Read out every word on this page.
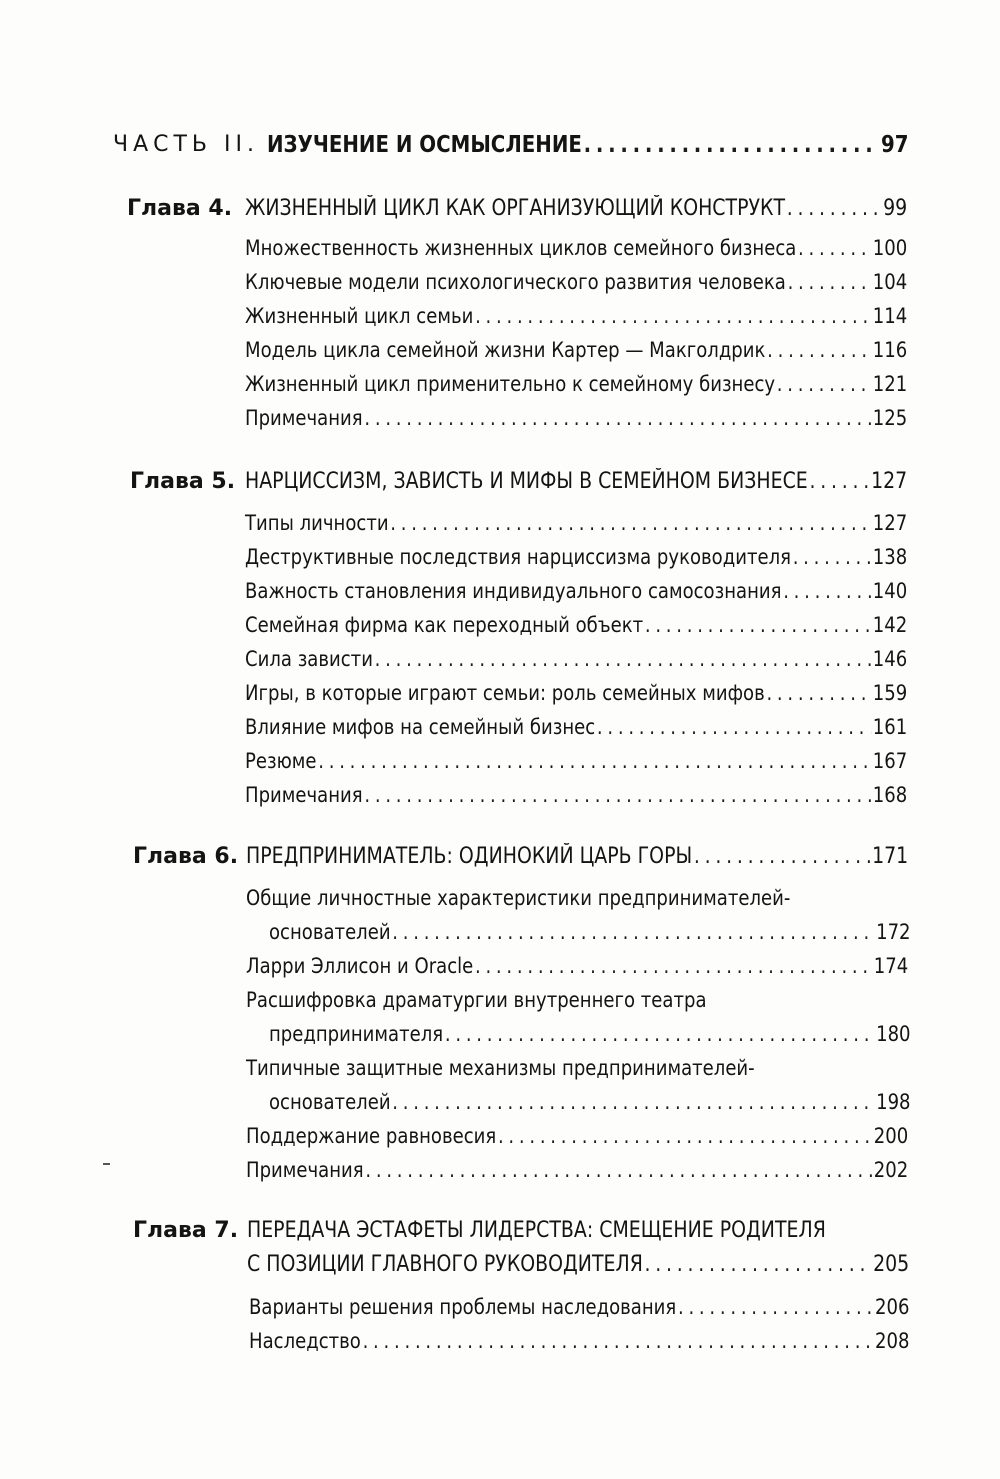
ЧАСТЬ II. ИЗУЧЕНИЕ И ОСМЫСЛЕНИЕ .....	97
Глава 4. ЖИЗНЕННЫЙ ЦИКЛ КАК ОРГАНИЗУЮЩИЙ КОНСТРУКТ .....	99
Множественность жизненных циклов семейного бизнеса .....	100
Ключевые модели психологического развития человека .....	104
Жизненный цикл семьи .....	114
Модель цикла семейной жизни Картер — Макголдрик .....	116
Жизненный цикл применительно к семейному бизнесу .....	121
Примечания .....	125
Глава 5. НАРЦИССИЗМ, ЗАВИСТЬ И МИФЫ В СЕМЕЙНОМ БИЗНЕСЕ .....	127
Типы личности .....	127
Деструктивные последствия нарциссизма руководителя .....	138
Важность становления индивидуального самосознания .....	140
Семейная фирма как переходный объект .....	142
Сила зависти .....	146
Игры, в которые играют семьи: роль семейных мифов .....	159
Влияние мифов на семейный бизнес .....	161
Резюме .....	167
Примечания .....	168
Глава 6. ПРЕДПРИНИМАТЕЛЬ: ОДИНОКИЙ ЦАРЬ ГОРЫ .....	171
Общие личностные характеристики предпринимателей-
основателей .....	172
Ларри Эллисон и Oracle .....	174
Расшифровка драматургии внутреннего театра
предпринимателя .....	180
Типичные защитные механизмы предпринимателей-
основателей .....	198
Поддержание равновесия .....	200
Примечания .....	202
Глава 7. ПЕРЕДАЧА ЭСТАФЕТЫ ЛИДЕРСТВА: СМЕЩЕНИЕ РОДИТЕЛЯ
С ПОЗИЦИИ ГЛАВНОГО РУКОВОДИТЕЛЯ .....	205
Варианты решения проблемы наследования .....	206
Наследство .....	208
